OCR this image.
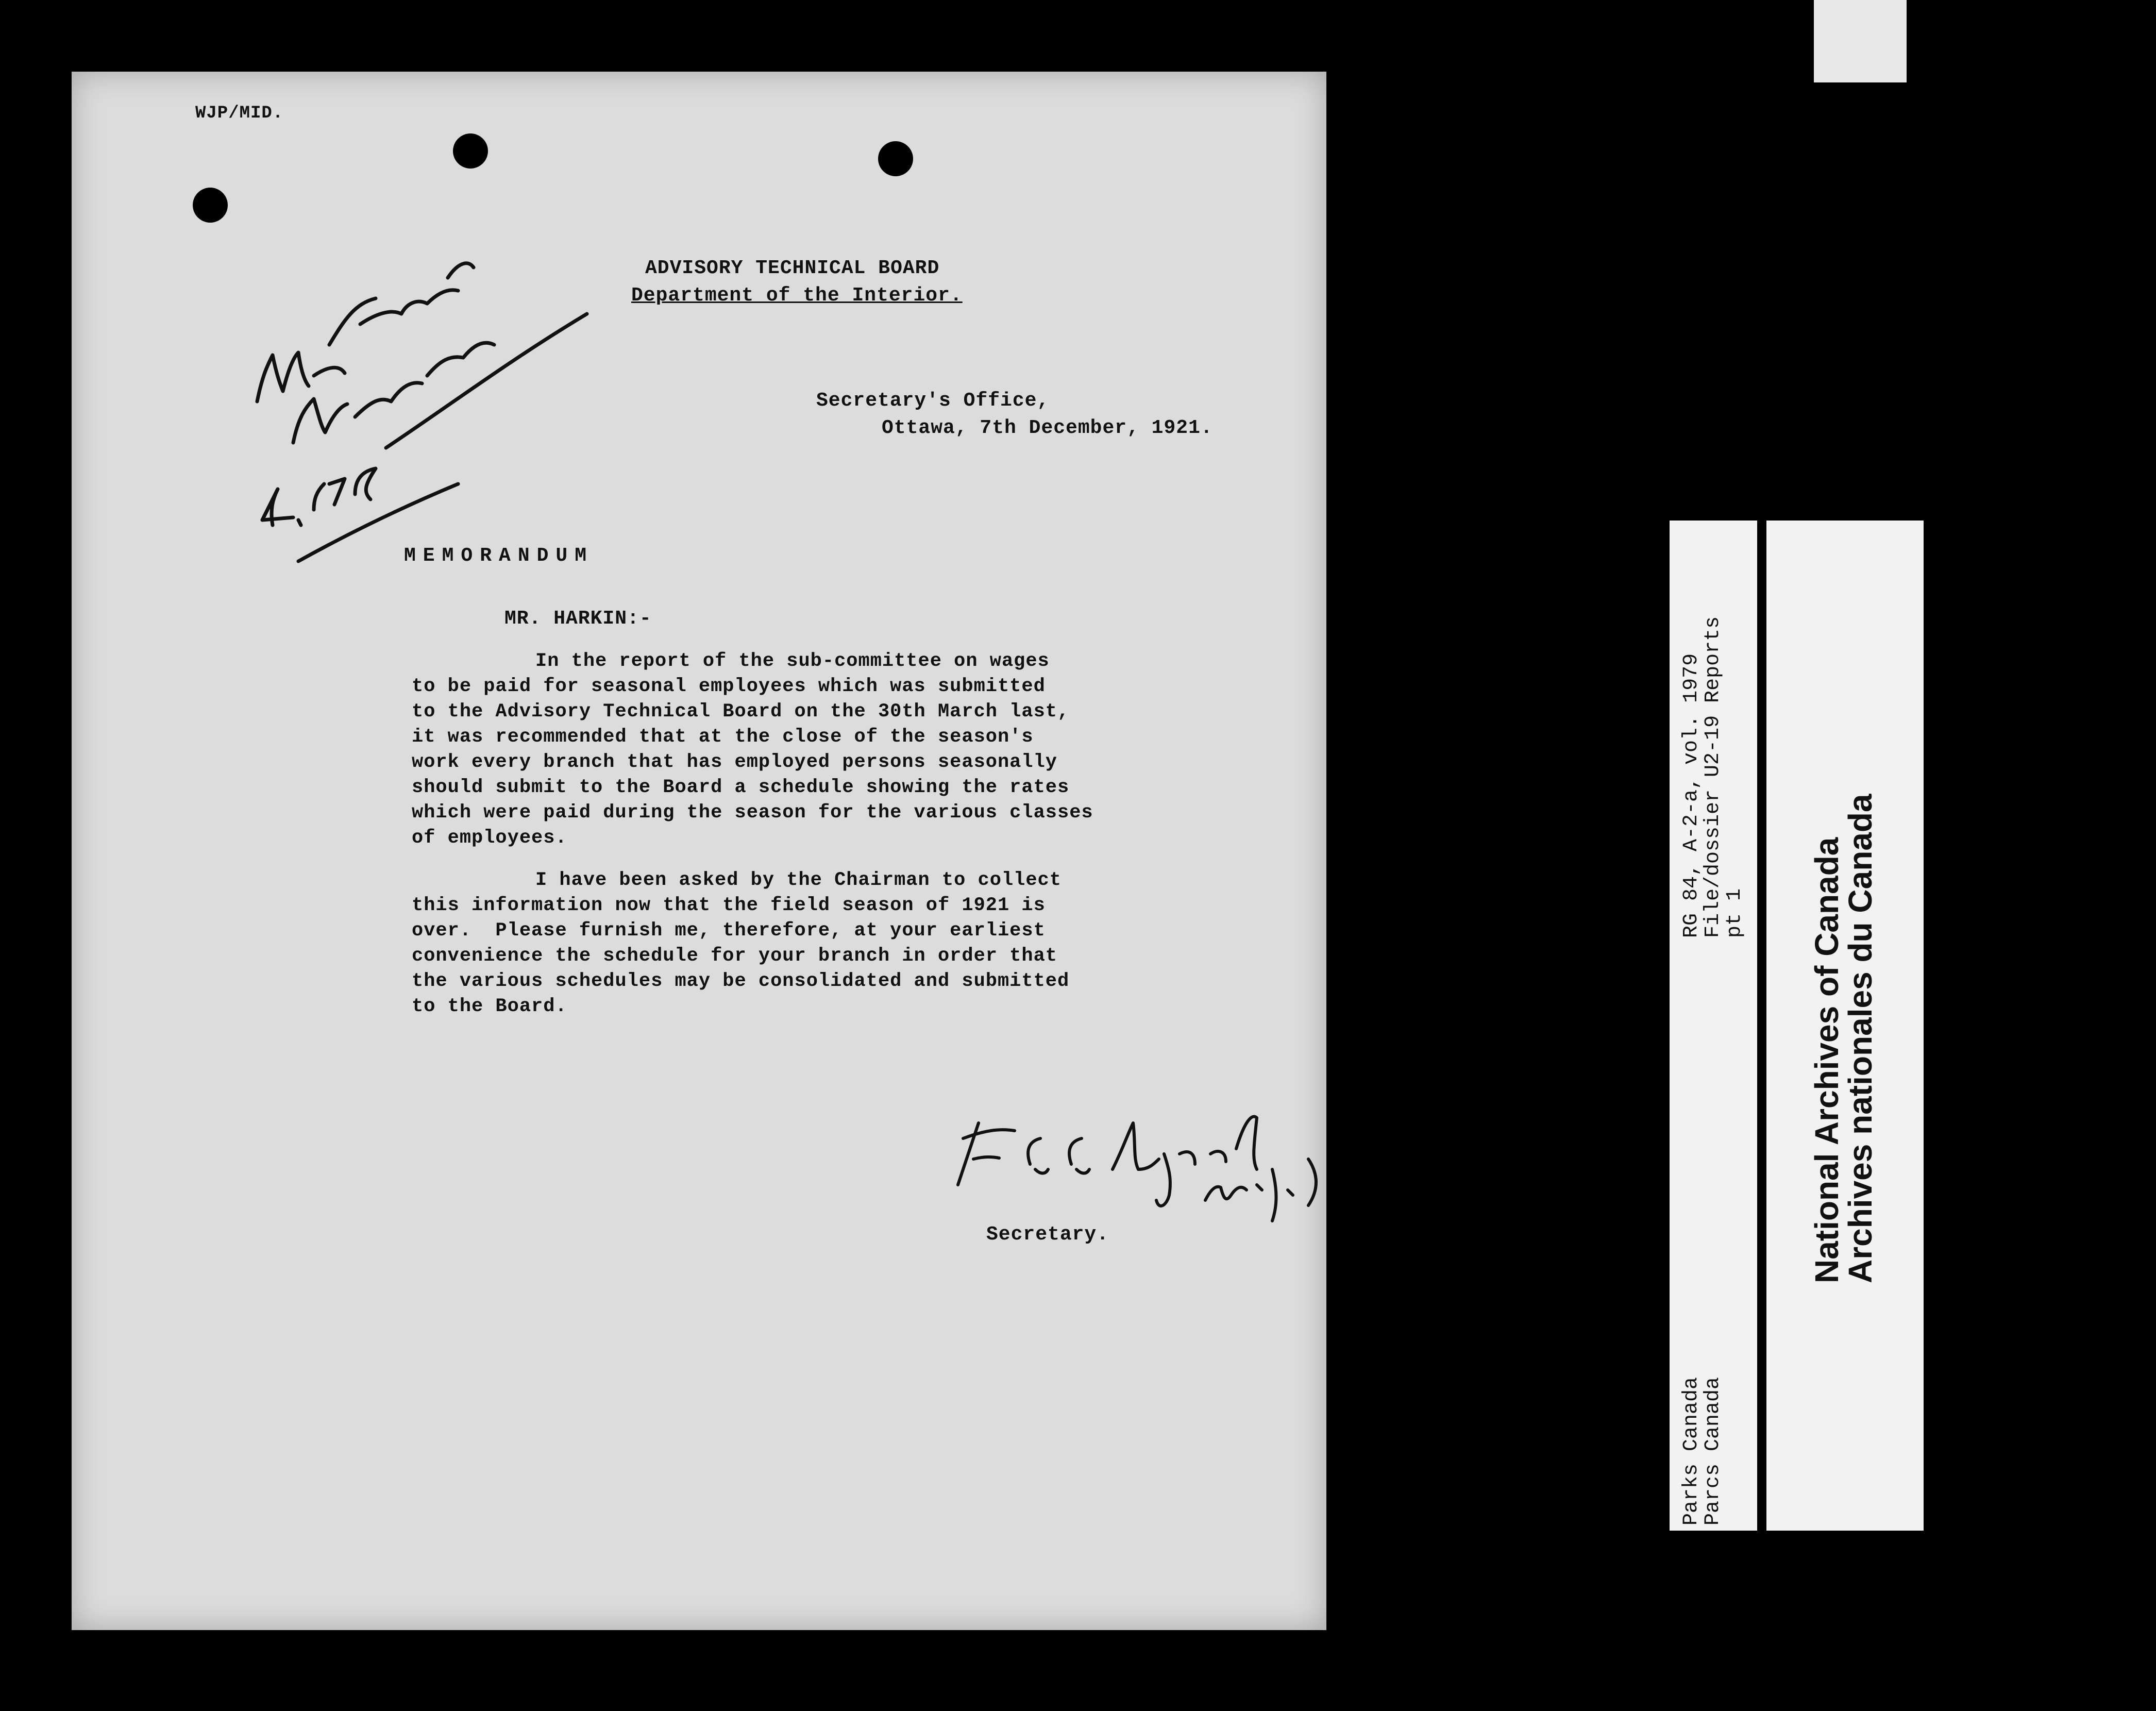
WJP/MID.
ADVISORY TECHNICAL BOARD
Department of the Interior.
Secretary's Office,
Ottawa, 7th December, 1921.
MEMORANDUM
MR. HARKIN:-

In the report of the sub-committee on wages

to be paid for seasonal employees which was submitted

to the Advisory Technical Board on the 30th March last,

it was recommended that at the close of the season's

work every branch that has employed persons seasonally

should submit to the Board a schedule showing the rates

which were paid during the season for the various classes

of employees.

I have been asked by the Chairman to collect

this information now that the field season of 1921 is

over.  Please furnish me, therefore, at your earliest

convenience the schedule for your branch in order that

the various schedules may be consolidated and submitted

to the Board.

Secretary.
RG 84, A-2-a, vol. 1979
File/dossier U2-19 Reports
pt 1
Parks Canada
Parcs Canada
National Archives of Canada
Archives nationales du Canada
